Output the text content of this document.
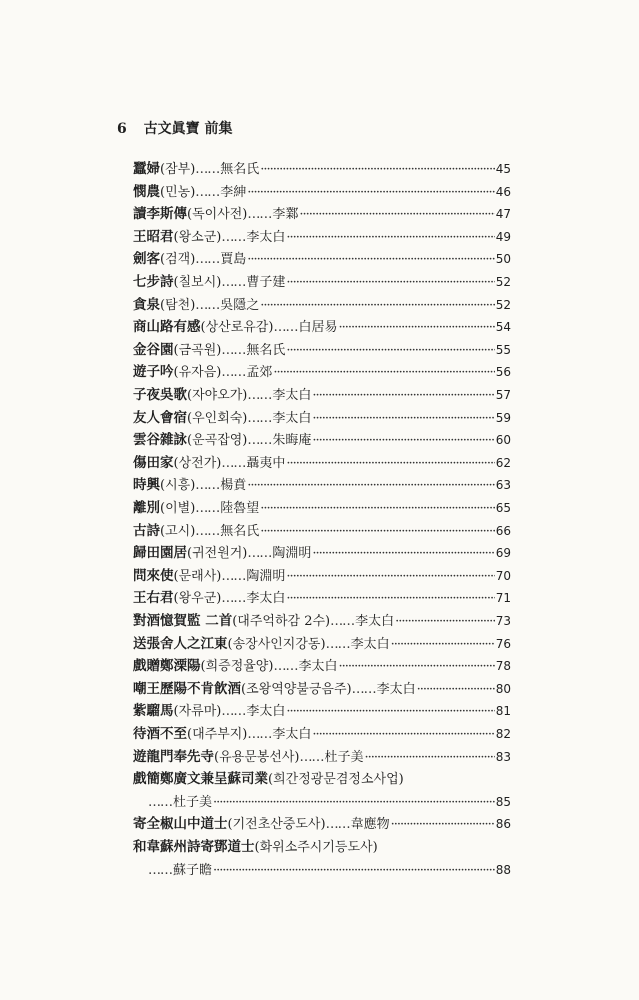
6 古文眞寶 前集
蠶婦 (잠부) …… 無名氏 ·····	45
憫農 (민농) …… 李紳 ·····	46
讀李斯傳 (독이사전) …… 李鄴 ·····	47
王昭君 (왕소군) …… 李太白 ·····	49
劍客 (검객) …… 賈島 ·····	50
七步詩 (칠보시) …… 曹子建 ·····	52
貪泉 (탐천) …… 吳隱之 ·····	52
商山路有感 (상산로유감) …… 白居易 ·····	54
金谷園 (금곡원) …… 無名氏 ·····	55
遊子吟 (유자음) …… 孟郊 ·····	56
子夜吳歌 (자야오가) …… 李太白 ·····	57
友人會宿 (우인회숙) …… 李太白 ·····	59
雲谷雜詠 (운곡잡영) …… 朱晦庵 ·····	60
傷田家 (상전가) …… 聶夷中 ·····	62
時興 (시흥) …… 楊賁 ·····	63
離別 (이별) …… 陸魯望 ·····	65
古詩 (고시) …… 無名氏 ·····	66
歸田園居 (귀전원거) …… 陶淵明 ·····	69
問來使 (문래사) …… 陶淵明 ·····	70
王右君 (왕우군) …… 李太白 ·····	71
對酒憶賀監 二首 (대주억하감 2수) …… 李太白 ·····	73
送張舍人之江東 (송장사인지강동) …… 李太白 ·····	76
戲贈鄭溧陽 (희증정율양) …… 李太白 ·····	78
嘲王歷陽不肯飮酒 (조왕역양불긍음주) …… 李太白 ·····	80
紫騮馬 (자류마) …… 李太白 ·····	81
待酒不至 (대주부지) …… 李太白 ·····	82
遊龍門奉先寺 (유용문봉선사) …… 杜子美 ·····	83
戲簡鄭廣文兼呈蘇司業 (희간정광문겸정소사업)
…… 杜子美 ·····	85
寄全椒山中道士 (기전초산중도사) …… 韋應物 ·····	86
和韋蘇州詩寄鄧道士 (화위소주시기등도사)
…… 蘇子瞻 ·····	88
